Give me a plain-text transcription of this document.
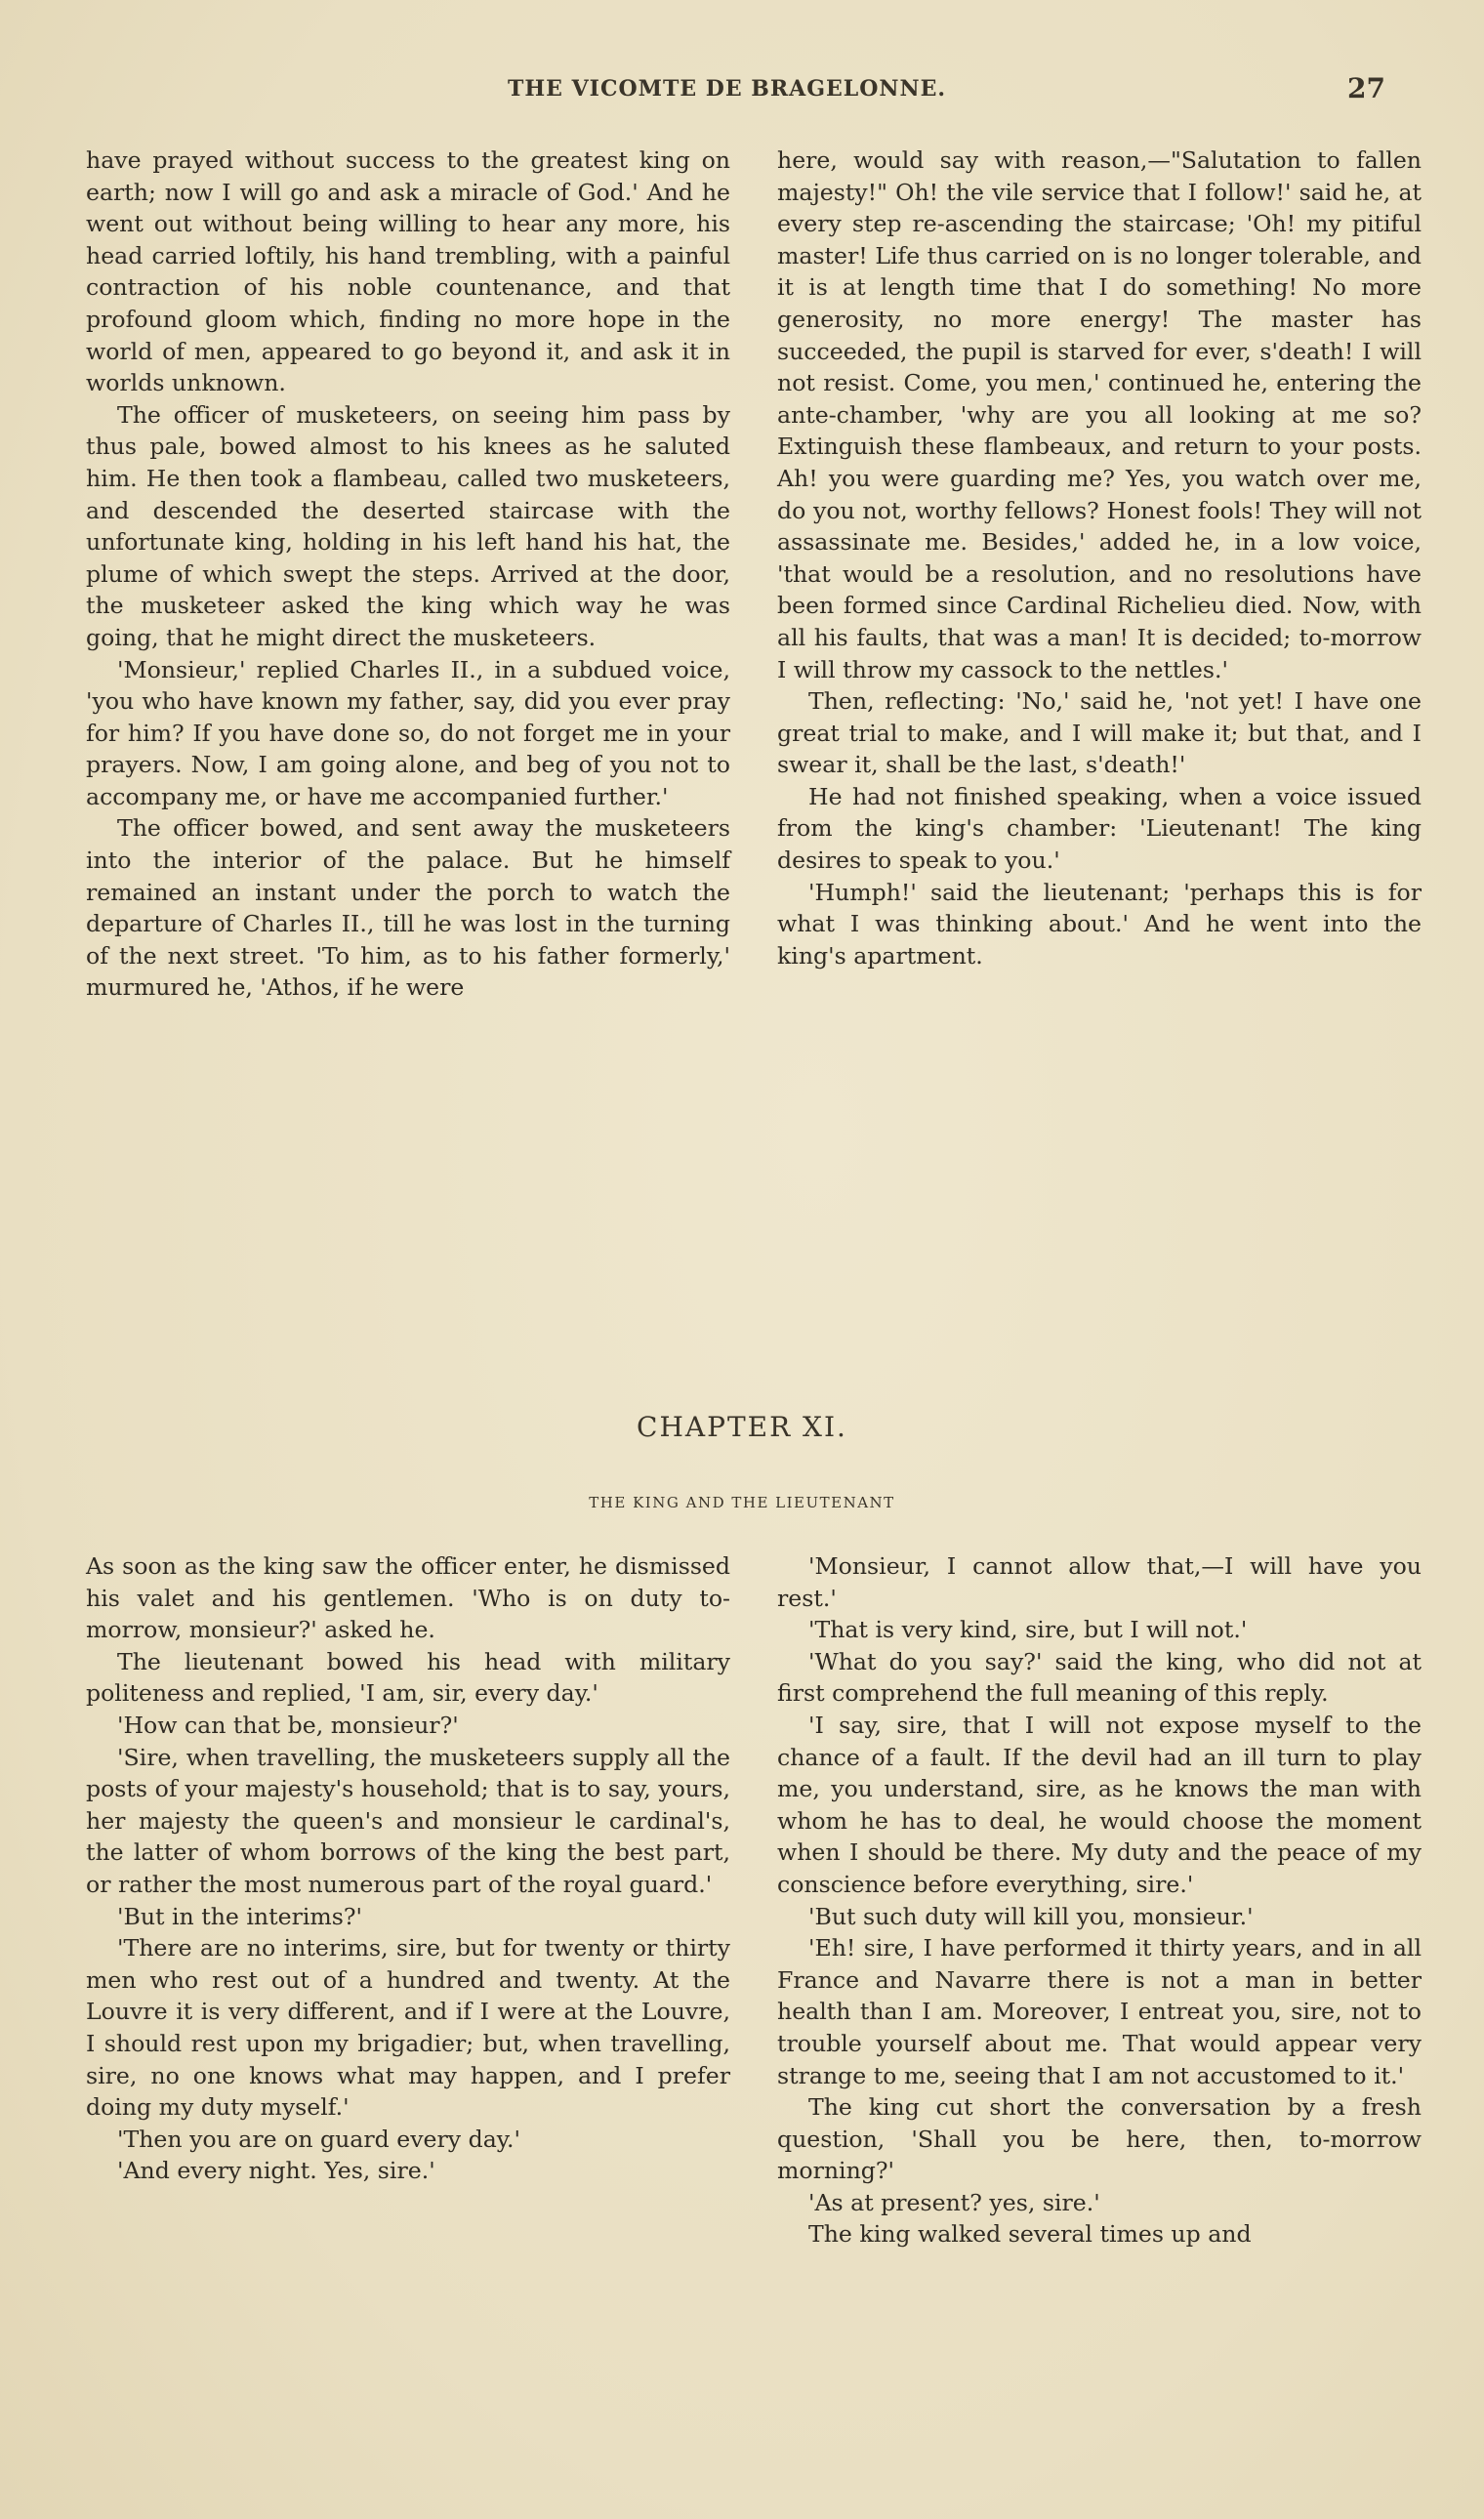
THE VICOMTE DE BRAGELONNE.	27

have prayed without success to the greatest king on earth; now I will go and ask a miracle of God.' And he went out without being willing to hear any more, his head carried loftily, his hand trembling, with a painful contraction of his noble countenance, and that profound gloom which, finding no more hope in the world of men, appeared to go beyond it, and ask it in worlds unknown.

The officer of musketeers, on seeing him pass by thus pale, bowed almost to his knees as he saluted him. He then took a flambeau, called two musketeers, and descended the deserted staircase with the unfortunate king, holding in his left hand his hat, the plume of which swept the steps. Arrived at the door, the musketeer asked the king which way he was going, that he might direct the musketeers.

'Monsieur,' replied Charles II., in a subdued voice, 'you who have known my father, say, did you ever pray for him? If you have done so, do not forget me in your prayers. Now, I am going alone, and beg of you not to accompany me, or have me accompanied further.'

The officer bowed, and sent away the musketeers into the interior of the palace. But he himself remained an instant under the porch to watch the departure of Charles II., till he was lost in the turning of the next street. 'To him, as to his father formerly,' murmured he, 'Athos, if he were

here, would say with reason,—"Salutation to fallen majesty!" Oh! the vile service that I follow!' said he, at every step re-ascending the staircase; 'Oh! my pitiful master! Life thus carried on is no longer tolerable, and it is at length time that I do something! No more generosity, no more energy! The master has succeeded, the pupil is starved for ever, s'death! I will not resist. Come, you men,' continued he, entering the ante-chamber, 'why are you all looking at me so? Extinguish these flambeaux, and return to your posts. Ah! you were guarding me? Yes, you watch over me, do you not, worthy fellows? Honest fools! They will not assassinate me. Besides,' added he, in a low voice, 'that would be a resolution, and no resolutions have been formed since Cardinal Richelieu died. Now, with all his faults, that was a man! It is decided; to-morrow I will throw my cassock to the nettles.'

Then, reflecting: 'No,' said he, 'not yet! I have one great trial to make, and I will make it; but that, and I swear it, shall be the last, s'death!'

He had not finished speaking, when a voice issued from the king's chamber: 'Lieutenant! The king desires to speak to you.'

'Humph!' said the lieutenant; 'perhaps this is for what I was thinking about.' And he went into the king's apartment.

CHAPTER XI.
THE KING AND THE LIEUTENANT

As soon as the king saw the officer enter, he dismissed his valet and his gentlemen. 'Who is on duty to-morrow, monsieur?' asked he.

The lieutenant bowed his head with military politeness and replied, 'I am, sir, every day.'

'How can that be, monsieur?'

'Sire, when travelling, the musketeers supply all the posts of your majesty's household; that is to say, yours, her majesty the queen's and monsieur le cardinal's, the latter of whom borrows of the king the best part, or rather the most numerous part of the royal guard.'

'But in the interims?'

'There are no interims, sire, but for twenty or thirty men who rest out of a hundred and twenty. At the Louvre it is very different, and if I were at the Louvre, I should rest upon my brigadier; but, when travelling, sire, no one knows what may happen, and I prefer doing my duty myself.'

'Then you are on guard every day.'

'And every night. Yes, sire.'

'Monsieur, I cannot allow that,—I will have you rest.'

'That is very kind, sire, but I will not.'

'What do you say?' said the king, who did not at first comprehend the full meaning of this reply.

'I say, sire, that I will not expose myself to the chance of a fault. If the devil had an ill turn to play me, you understand, sire, as he knows the man with whom he has to deal, he would choose the moment when I should be there. My duty and the peace of my conscience before everything, sire.'

'But such duty will kill you, monsieur.'

'Eh! sire, I have performed it thirty years, and in all France and Navarre there is not a man in better health than I am. Moreover, I entreat you, sire, not to trouble yourself about me. That would appear very strange to me, seeing that I am not accustomed to it.'

The king cut short the conversation by a fresh question, 'Shall you be here, then, to-morrow morning?'

'As at present? yes, sire.'

The king walked several times up and
